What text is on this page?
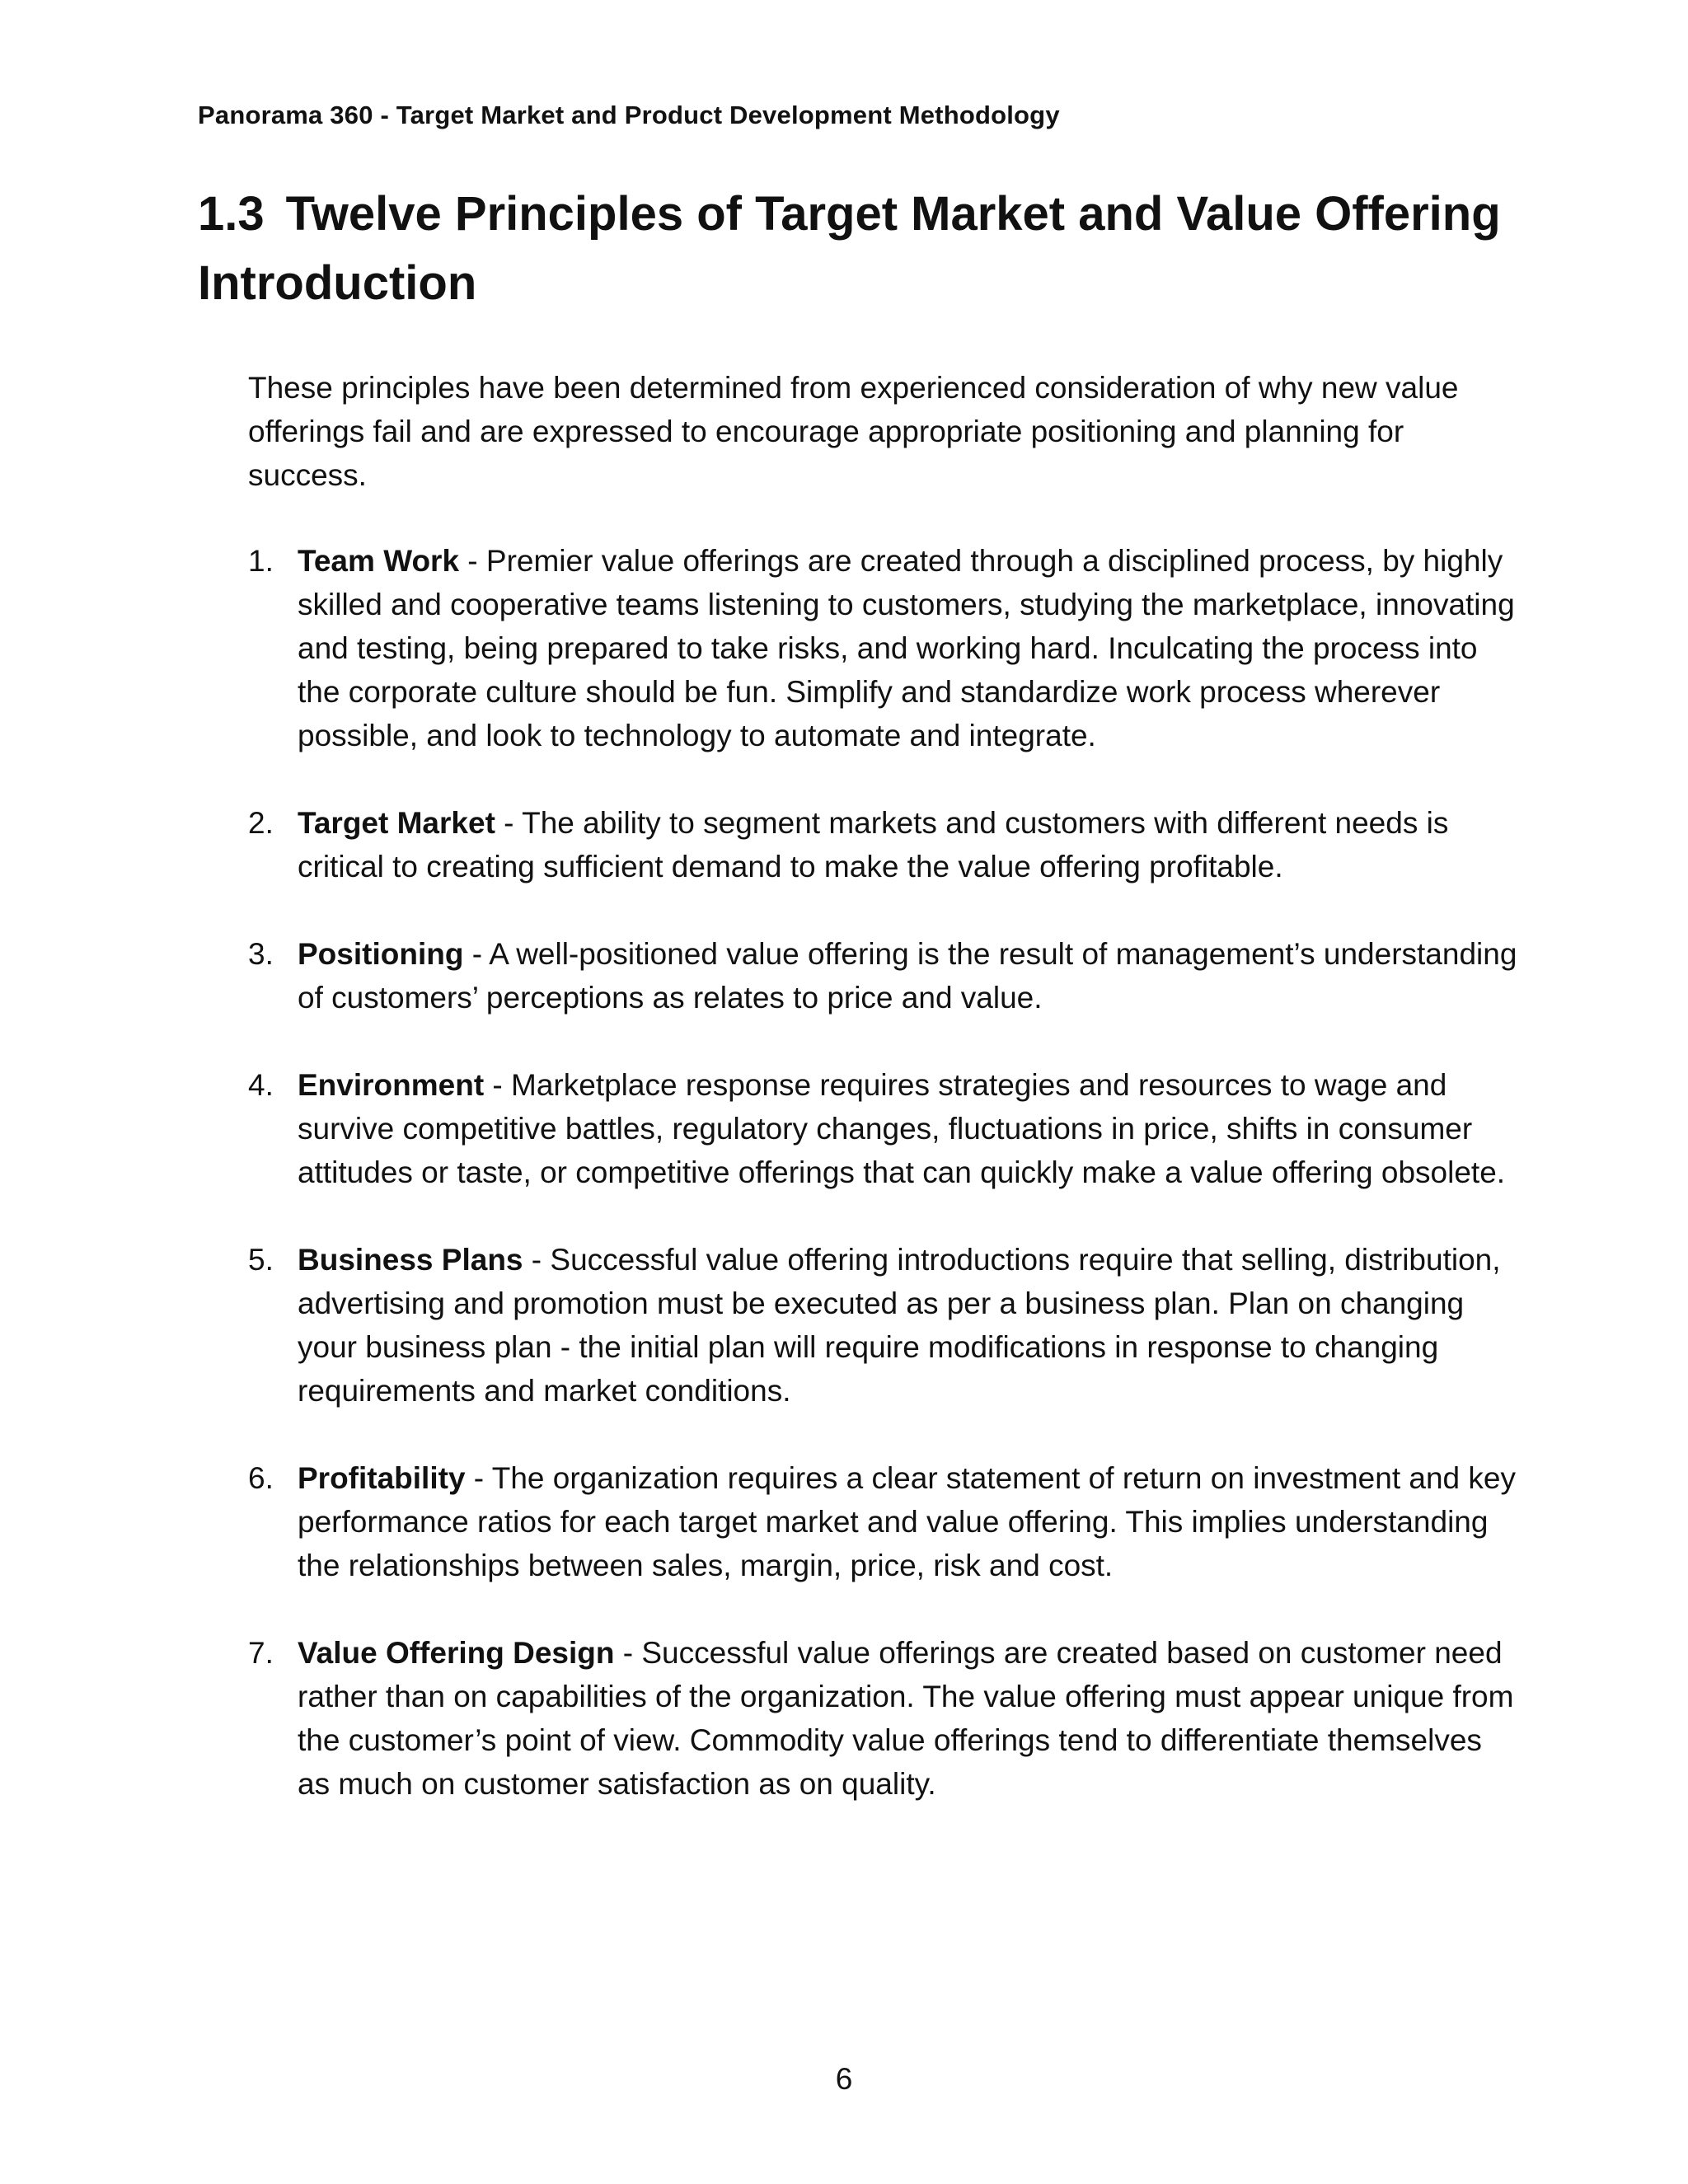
Panorama 360 - Target Market and Product Development Methodology
1.3 Twelve Principles of Target Market and Value Offering Introduction

These principles have been determined from experienced consideration of why new value offerings fail and are expressed to encourage appropriate positioning and planning for success.

1. Team Work - Premier value offerings are created through a disciplined process, by highly skilled and cooperative teams listening to customers, studying the marketplace, innovating and testing, being prepared to take risks, and working hard. Inculcating the process into the corporate culture should be fun. Simplify and standardize work process wherever possible, and look to technology to automate and integrate.
2. Target Market - The ability to segment markets and customers with different needs is critical to creating sufficient demand to make the value offering profitable.
3. Positioning - A well-positioned value offering is the result of management’s understanding of customers’ perceptions as relates to price and value.
4. Environment - Marketplace response requires strategies and resources to wage and survive competitive battles, regulatory changes, fluctuations in price, shifts in consumer attitudes or taste, or competitive offerings that can quickly make a value offering obsolete.
5. Business Plans - Successful value offering introductions require that selling, distribution, advertising and promotion must be executed as per a business plan. Plan on changing your business plan - the initial plan will require modifications in response to changing requirements and market conditions.
6. Profitability - The organization requires a clear statement of return on investment and key performance ratios for each target market and value offering. This implies understanding the relationships between sales, margin, price, risk and cost.
7. Value Offering Design - Successful value offerings are created based on customer need rather than on capabilities of the organization. The value offering must appear unique from the customer’s point of view. Commodity value offerings tend to differentiate themselves as much on customer satisfaction as on quality.
6
